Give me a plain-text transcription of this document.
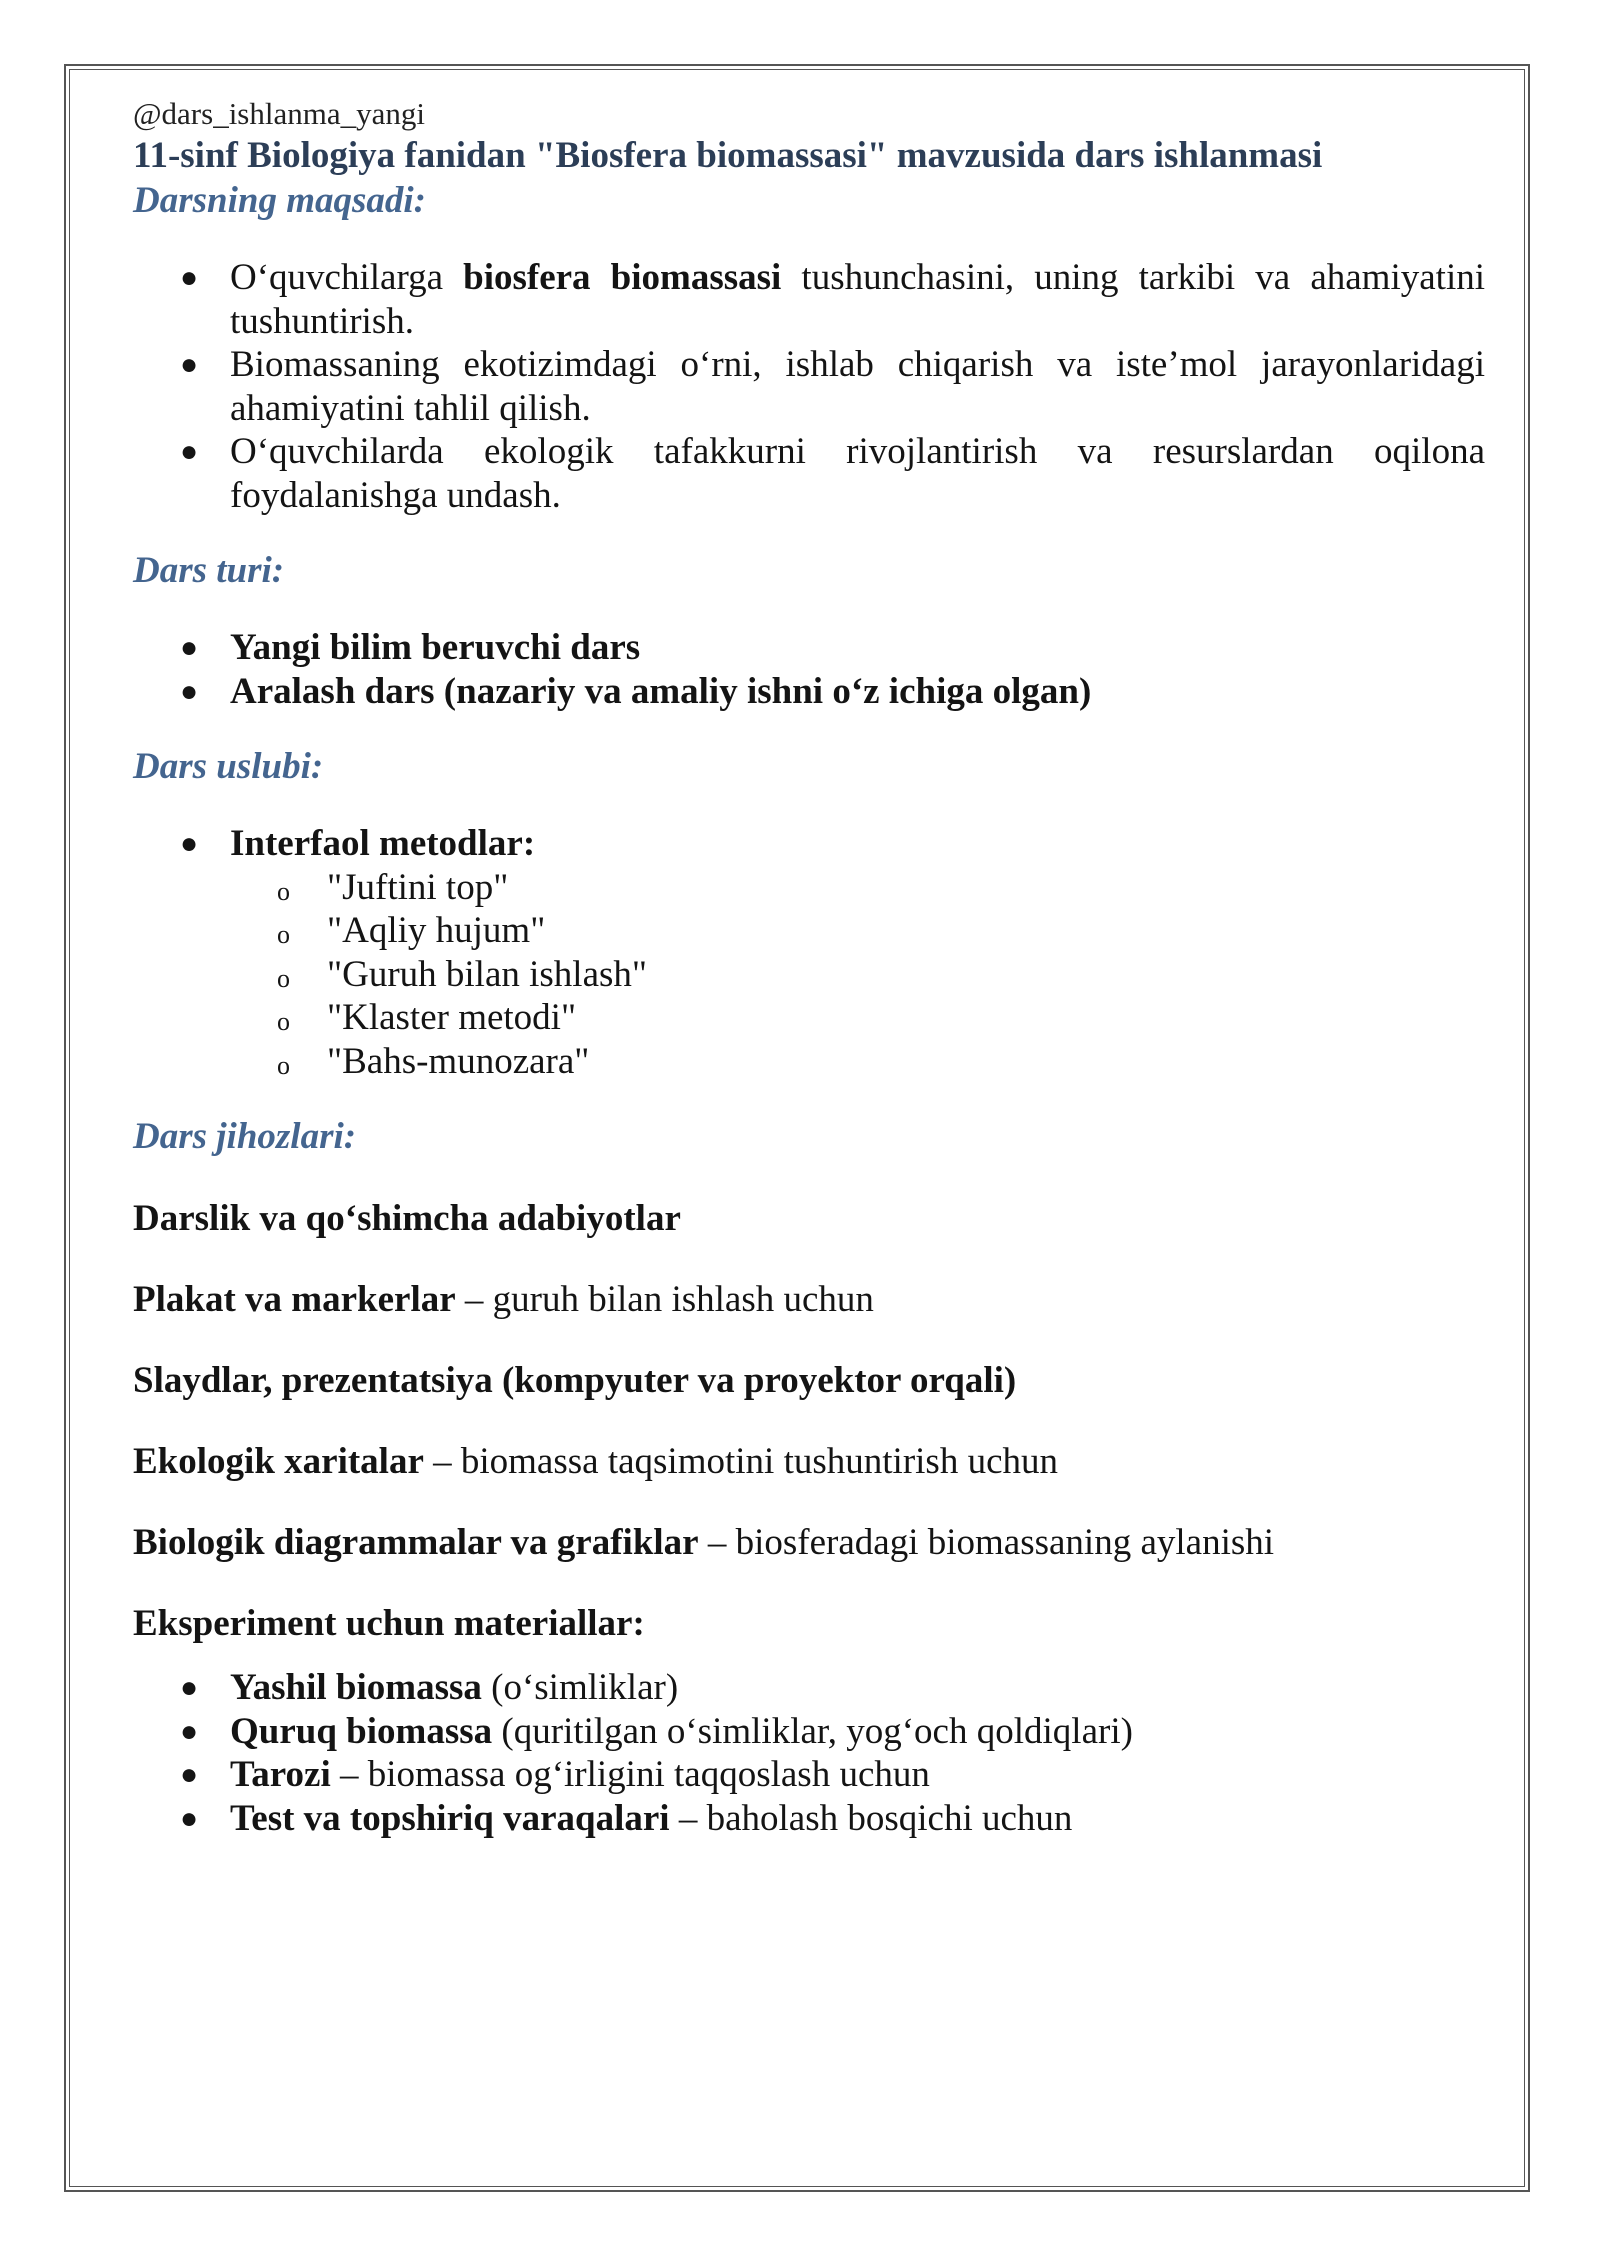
@dars_ishlanma_yangi

11-sinf Biologiya fanidan "Biosfera biomassasi" mavzusida dars ishlanmasi

Darsning maqsadi:

● O‘quvchilarga biosfera biomassasi tushunchasini, uning tarkibi va ahamiyatini tushuntirish.
● Biomassaning ekotizimdagi o‘rni, ishlab chiqarish va iste’mol jarayonlaridagi ahamiyatini tahlil qilish.
● O‘quvchilarda ekologik tafakkurni rivojlantirish va resurslardan oqilona foydalanishga undash.

Dars turi:

● Yangi bilim beruvchi dars
● Aralash dars (nazariy va amaliy ishni o‘z ichiga olgan)

Dars uslubi:

● Interfaol metodlar:
o "Juftini top"
o "Aqliy hujum"
o "Guruh bilan ishlash"
o "Klaster metodi"
o "Bahs-munozara"

Dars jihozlari:

Darslik va qo‘shimcha adabiyotlar

Plakat va markerlar – guruh bilan ishlash uchun

Slaydlar, prezentatsiya (kompyuter va proyektor orqali)

Ekologik xaritalar – biomassa taqsimotini tushuntirish uchun

Biologik diagrammalar va grafiklar – biosferadagi biomassaning aylanishi

Eksperiment uchun materiallar:

● Yashil biomassa (o‘simliklar)
● Quruq biomassa (quritilgan o‘simliklar, yog‘och qoldiqlari)
● Tarozi – biomassa og‘irligini taqqoslash uchun
● Test va topshiriq varaqalari – baholash bosqichi uchun
